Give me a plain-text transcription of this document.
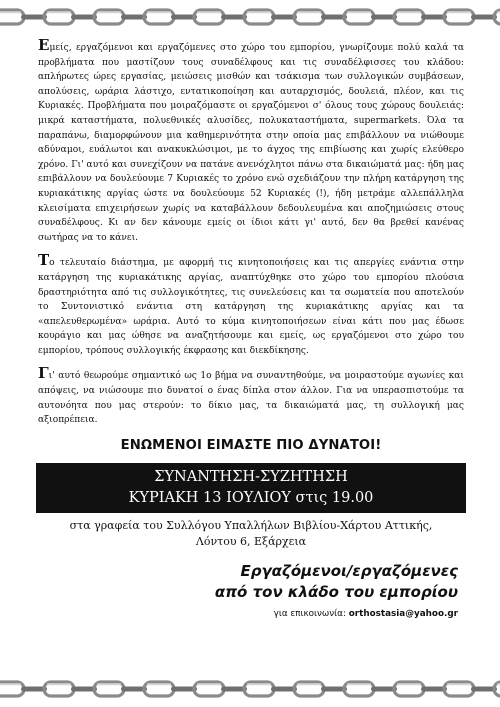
Εμείς, εργαζόμενοι και εργαζόμενες στο χώρο του εμπορίου, γνωρίζουμε πολύ καλά τα προβλήματα που μαστίζουν τους συναδέλφους και τις συναδέλφισσες του κλάδου: απλήρωτες ώρες εργασίας, μειώσεις μισθών και τσάκισμα των συλλογικών συμβάσεων, απολύσεις, ωράρια λάστιχο, εντατικοποίηση και αυταρχισμός, δουλειά, πλέον, και τις Κυριακές. Προβλήματα που μοιραζόμαστε οι εργαζόμενοι σ' όλους τους χώρους δουλειάς: μικρά καταστήματα, πολυεθνικές αλυσίδες, πολυκαταστήματα, supermarkets. Όλα τα παραπάνω, διαμορφώνουν μια καθημερινότητα στην οποία μας επιβάλλουν να νιώθουμε αδύναμοι, ευάλωτοι και ανακυκλώσιμοι, με το άγχος της επιβίωσης και χωρίς ελεύθερο χρόνο. Γι' αυτό και συνεχίζουν να πατάνε ανενόχλητοι πάνω στα δικαιώματά μας: ήδη μας επιβάλλουν να δουλεύουμε 7 Κυριακές το χρόνο ενώ σχεδιάζουν την πλήρη κατάργηση της κυριακάτικης αργίας ώστε να δουλεύουμε 52 Κυριακές (!), ήδη μετράμε αλλεπάλληλα κλεισίματα επιχειρήσεων χωρίς να καταβάλλουν δεδουλευμένα και αποζημιώσεις στους συναδέλφους. Κι αν δεν κάνουμε εμείς οι ίδιοι κάτι γι' αυτό, δεν θα βρεθεί κανένας σωτήρας να το κάνει.

Το τελευταίο διάστημα, με αφορμή τις κινητοποιήσεις και τις απεργίες ενάντια στην κατάργηση της κυριακάτικης αργίας, αναπτύχθηκε στο χώρο του εμπορίου πλούσια δραστηριότητα από τις συλλογικότητες, τις συνελεύσεις και τα σωματεία που αποτελούν το Συντονιστικό ενάντια στη κατάργηση της κυριακάτικης αργίας και τα «απελευθερωμένα» ωράρια. Αυτό το κύμα κινητοποιήσεων είναι κάτι που μας έδωσε κουράγιο και μας ώθησε να αναζητήσουμε και εμείς, ως εργαζόμενοι στο χώρο του εμπορίου, τρόπους συλλογικής έκφρασης και διεκδίκησης.

Γι' αυτό θεωρούμε σημαντικό ως 1ο βήμα να συναντηθούμε, να μοιραστούμε αγωνίες και απόψεις, να νιώσουμε πιο δυνατοί ο ένας δίπλα στον άλλον. Για να υπερασπιστούμε τα αυτονόητα που μας στερούν: το δίκιο μας, τα δικαιώματά μας, τη συλλογική μας αξιοπρέπεια.

ΕΝΩΜΕΝΟΙ ΕΙΜΑΣΤΕ ΠΙΟ ΔΥΝΑΤΟΙ!
ΣΥΝΑΝΤΗΣΗ-ΣΥΖΗΤΗΣΗ
ΚΥΡΙΑΚΗ 13 ΙΟΥΛΙΟΥ στις 19.00
στα γραφεία του Συλλόγου Υπαλλήλων Βιβλίου-Χάρτου Αττικής,
Λόντου 6, Εξάρχεια
Εργαζόμενοι/εργαζόμενες
από τον κλάδο του εμπορίου
για επικοινωνία: orthostasia@yahoo.gr
